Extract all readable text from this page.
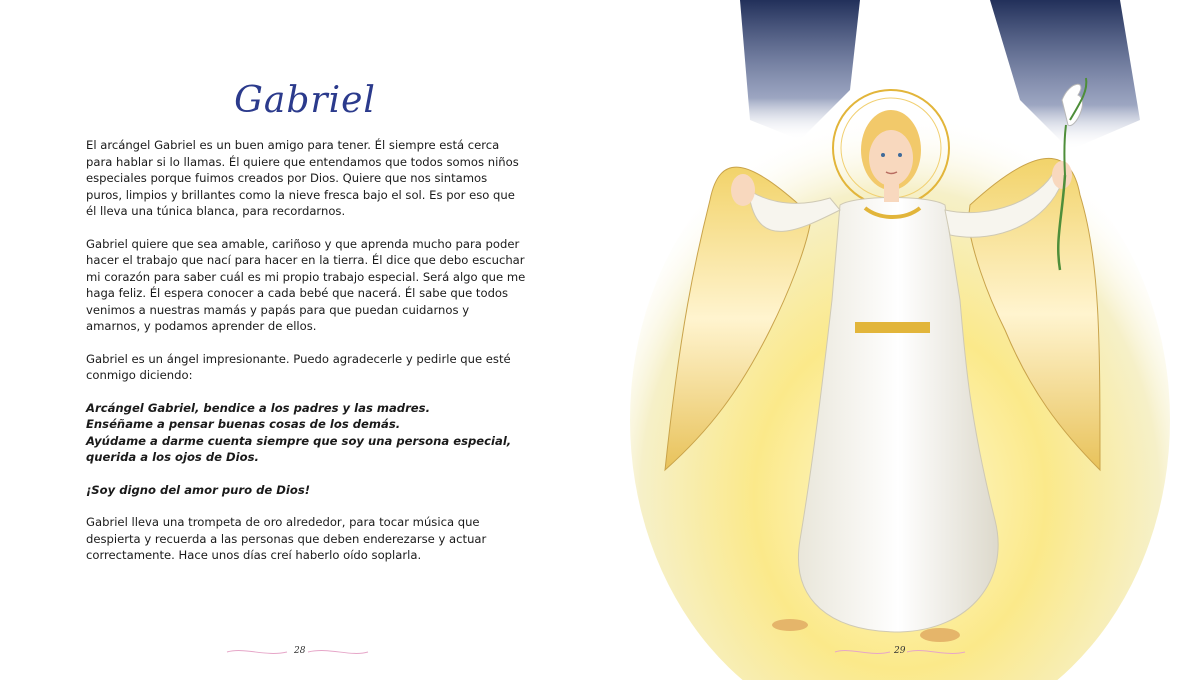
Gabriel

El arcángel Gabriel es un buen amigo para tener. Él siempre está cerca para hablar si lo llamas. Él quiere que entendamos que todos somos niños especiales porque fuimos creados por Dios. Quiere que nos sintamos puros, limpios y brillantes como la nieve fresca bajo el sol. Es por eso que él lleva una túnica blanca, para recordarnos.

Gabriel quiere que sea amable, cariñoso y que aprenda mucho para poder hacer el trabajo que nací para hacer en la tierra. Él dice que debo escuchar mi corazón para saber cuál es mi propio trabajo especial. Será algo que me haga feliz. Él espera conocer a cada bebé que nacerá. Él sabe que todos venimos a nuestras mamás y papás para que puedan cuidarnos y amarnos, y podamos aprender de ellos.

Gabriel es un ángel impresionante. Puedo agradecerle y pedirle que esté conmigo diciendo:

Arcángel Gabriel, bendice a los padres y las madres.
Enséñame a pensar buenas cosas de los demás.
Ayúdame a darme cuenta siempre que soy una persona especial,
querida a los ojos de Dios.

¡Soy digno del amor puro de Dios!

Gabriel lleva una trompeta de oro alrededor, para tocar música que despierta y recuerda a las personas que deben enderezarse y actuar correctamente. Hace unos días creí haberlo oído soplarla.

28	29
